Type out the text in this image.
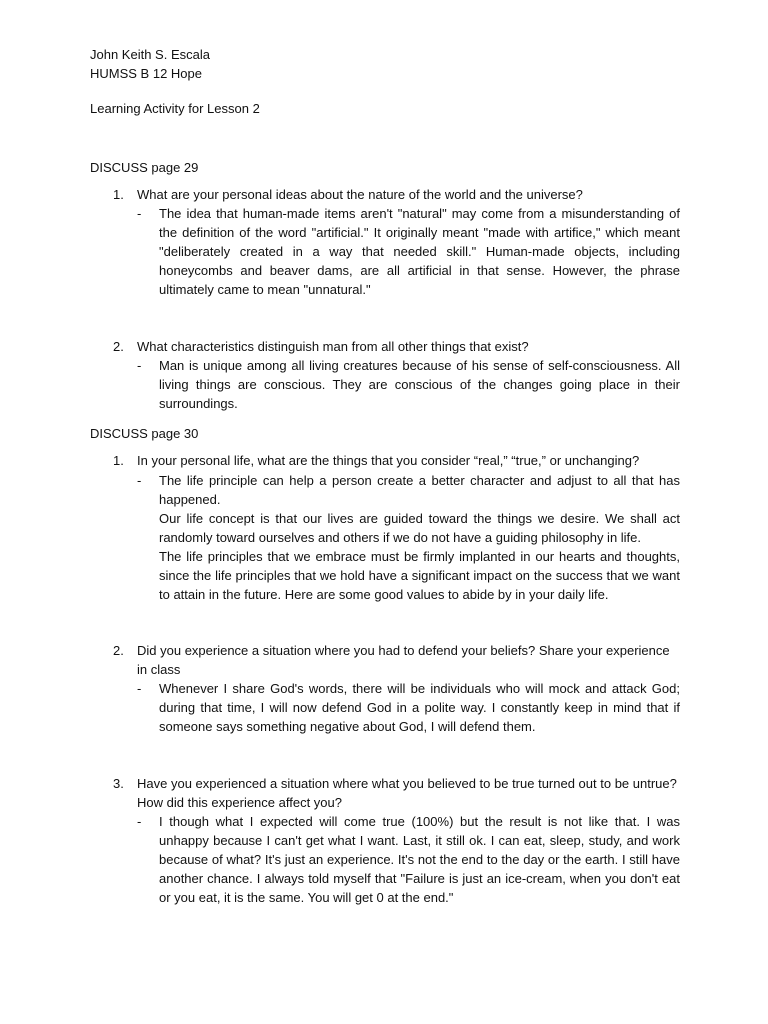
John Keith S. Escala
HUMSS B 12 Hope
Learning Activity for Lesson 2
DISCUSS page 29
1. What are your personal ideas about the nature of the world and the universe?
- The idea that human-made items aren't "natural" may come from a misunderstanding of the definition of the word "artificial." It originally meant "made with artifice," which meant "deliberately created in a way that needed skill." Human-made objects, including honeycombs and beaver dams, are all artificial in that sense. However, the phrase ultimately came to mean "unnatural."

2. What characteristics distinguish man from all other things that exist?
- Man is unique among all living creatures because of his sense of self-consciousness. All living things are conscious. They are conscious of the changes going place in their surroundings.

DISCUSS page 30
1. In your personal life, what are the things that you consider “real,” “true,” or unchanging?
- The life principle can help a person create a better character and adjust to all that has happened.

Our life concept is that our lives are guided toward the things we desire. We shall act randomly toward ourselves and others if we do not have a guiding philosophy in life.

The life principles that we embrace must be firmly implanted in our hearts and thoughts, since the life principles that we hold have a significant impact on the success that we want to attain in the future. Here are some good values to abide by in your daily life.

2. Did you experience a situation where you had to defend your beliefs? Share your experience in class
- Whenever I share God's words, there will be individuals who will mock and attack God; during that time, I will now defend God in a polite way. I constantly keep in mind that if someone says something negative about God, I will defend them.

3. Have you experienced a situation where what you believed to be true turned out to be untrue? How did this experience affect you?
- I though what I expected will come true (100%) but the result is not like that. I was unhappy because I can't get what I want. Last, it still ok. I can eat, sleep, study, and work because of what? It's just an experience. It's not the end to the day or the earth. I still have another chance. I always told myself that "Failure is just an ice-cream, when you don't eat or you eat, it is the same. You will get 0 at the end."
